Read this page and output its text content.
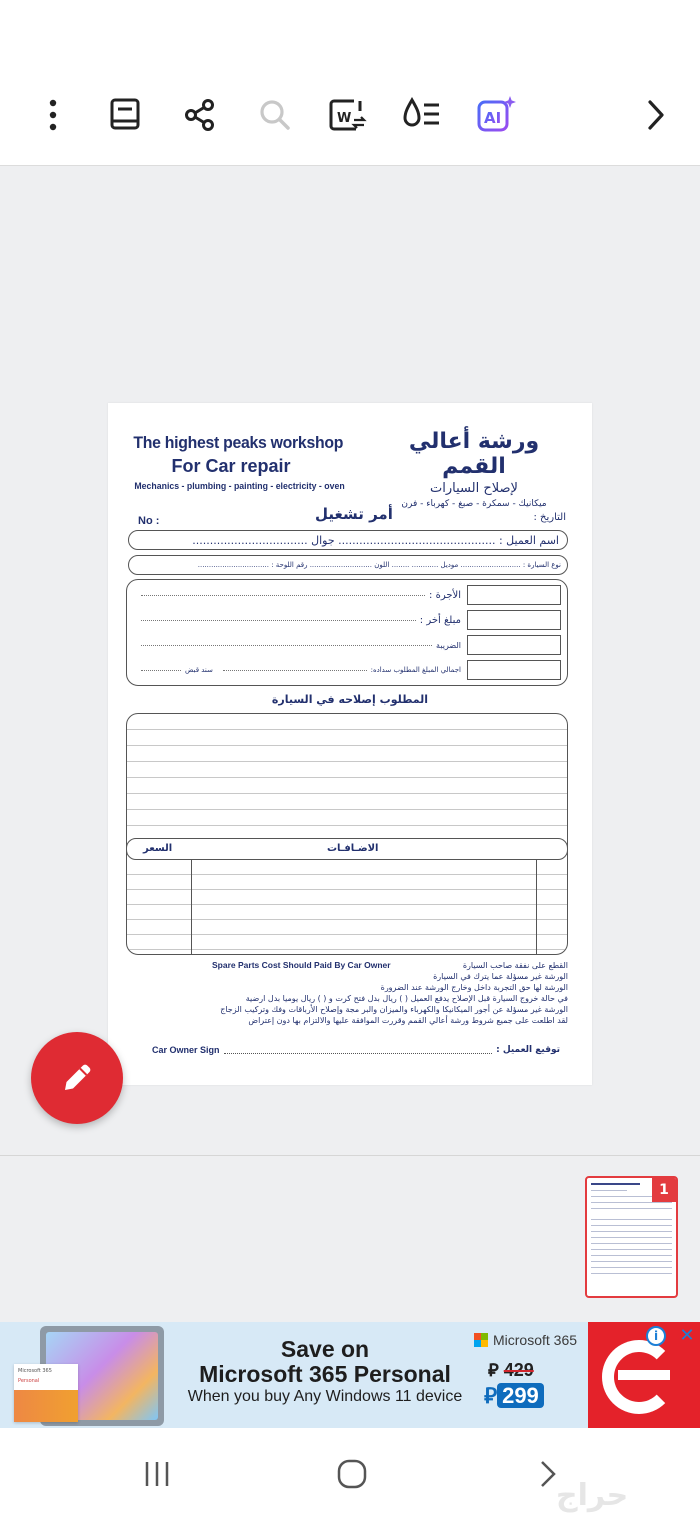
W	AI
The highest peaks workshop
For Car repair
Mechanics - plumbing - painting - electricity - oven
ورشة أعالي القمم
لإصلاح السيارات
ميكانيك - سمكرة - صبغ - كهرباء - فرن
No :	أمر تشغيل	التاريخ :
اسم العميل : ............................................. جوال .................................
نوع السيارة : ........................... موديل ............ ........ اللون ............................ رقم اللوحة : ................................
الأجرة :
مبلغ أخر :
الضريبة
اجمالي المبلغ المطلوب سداده:
سند قبض
المطلوب إصلاحه في السيارة
السعر	الاضـافـات
Spare Parts Cost Should Paid By Car Owner	القطع على نفقة صاحب السيارة
الورشة غير مسؤلة عما يترك في السيارة
الورشة لها حق التجربة داخل وخارج الورشة عند الضرورة
في حالة خروج السيارة قبل الإصلاح يدفع العميل ( ) ريال بدل فتح كرت و ( ) ريال يوميا بدل ارضية
الورشة غير مسؤلة عن أجور الميكانيكا والكهرباء والميزان والبر مجة وإصلاح الأرباقات وفك وتركيب الزجاج
لقد اطلعت على جميع شروط ورشة أعالي القمم وقررت الموافقة عليها والالتزام بها دون إعتراض
Car Owner Sign	توقيع العميل :
1
Microsoft 365
Personal
Save on
Microsoft 365 Personal
When you buy Any Windows 11 device
Microsoft 365
⃁ 429
⃁ 299
i	✕
حراج
